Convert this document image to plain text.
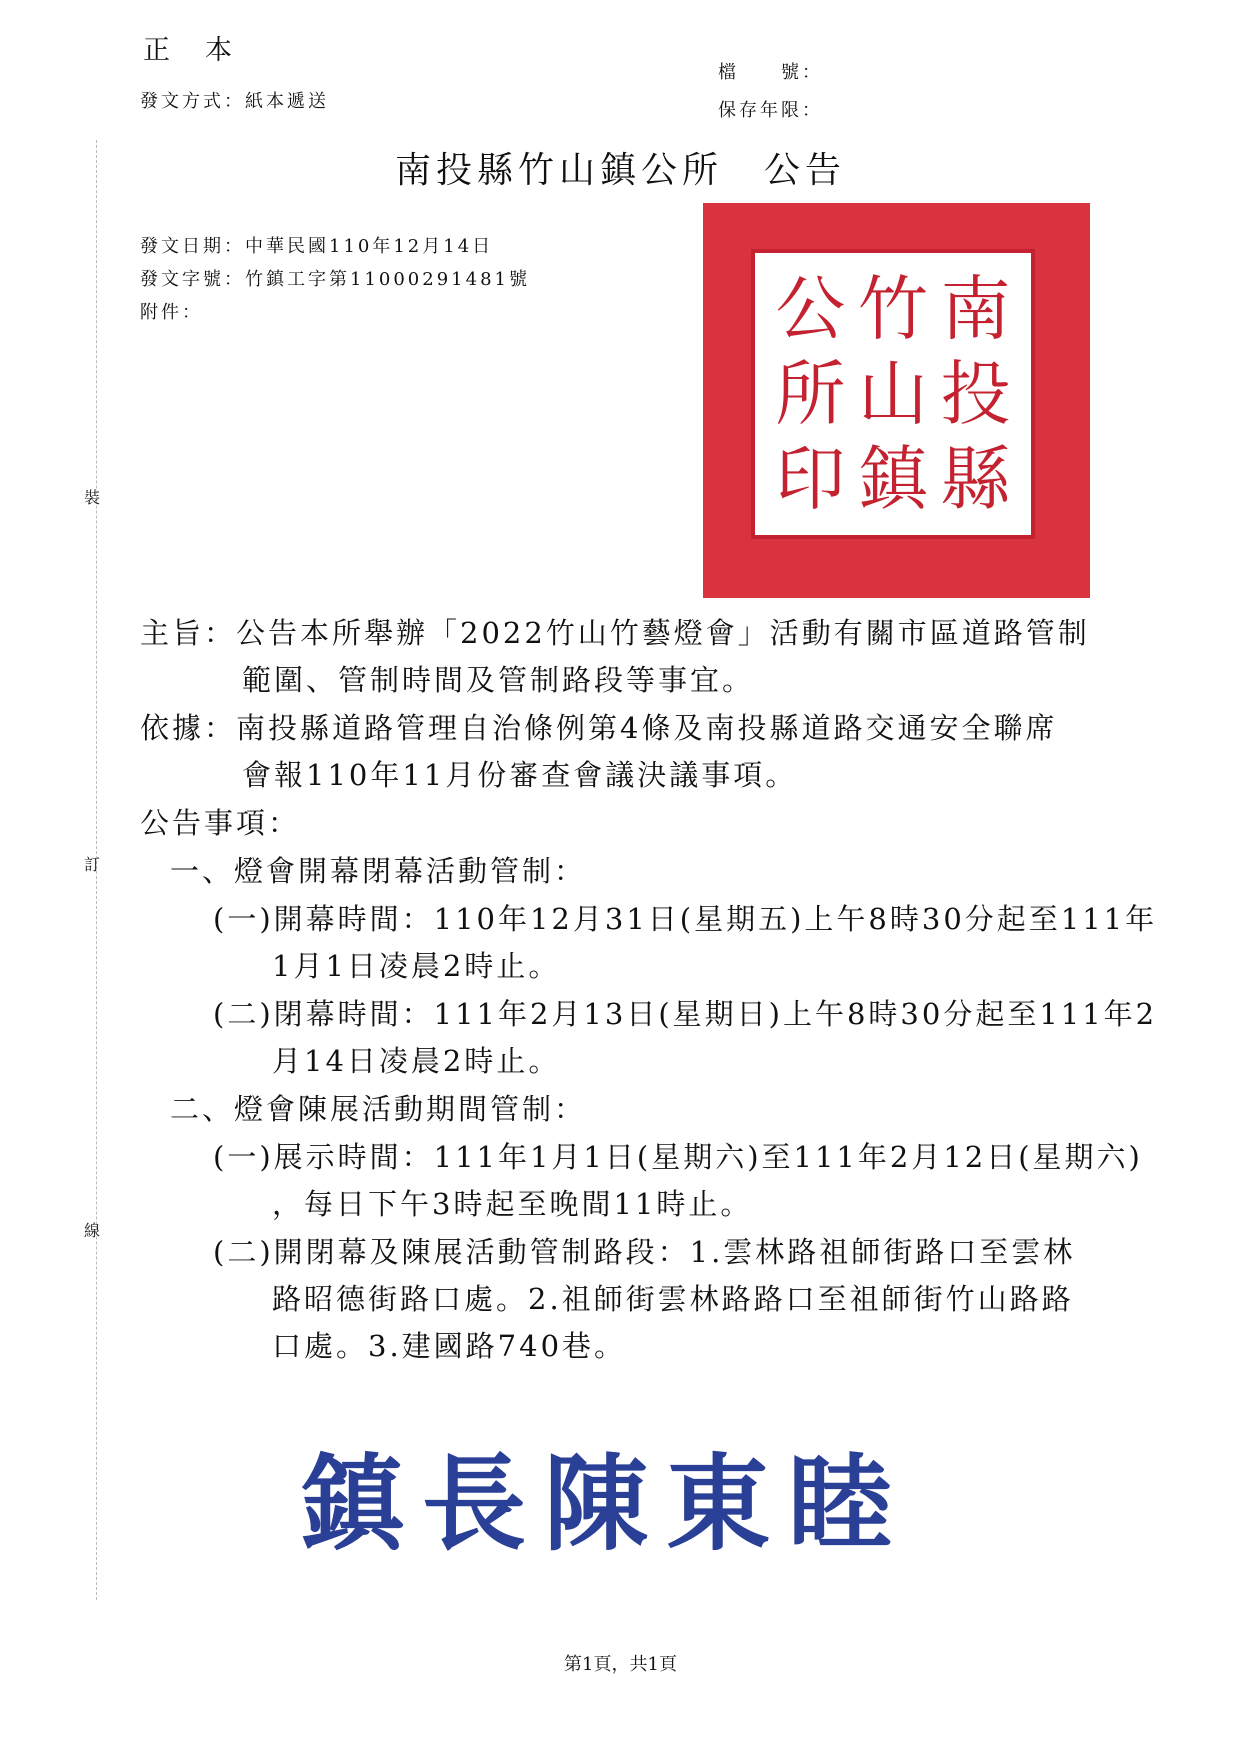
裝
訂
線
正　本
發文方式：紙本遞送
檔　　號：
保存年限：
南投縣竹山鎮公所　公告
發文日期：中華民國110年12月14日
發文字號：竹鎮工字第11000291481號
附件：	南
投
縣
竹
山
鎮
公
所
印
主旨：公告本所舉辦「2022竹山竹藝燈會」活動有關市區道路管制
範圍、管制時間及管制路段等事宜。
依據：南投縣道路管理自治條例第4條及南投縣道路交通安全聯席
會報110年11月份審查會議決議事項。
公告事項：
一、燈會開幕閉幕活動管制：
(一)開幕時間：110年12月31日(星期五)上午8時30分起至111年
1月1日凌晨2時止。
(二)閉幕時間：111年2月13日(星期日)上午8時30分起至111年2
月14日凌晨2時止。
二、燈會陳展活動期間管制：
(一)展示時間：111年1月1日(星期六)至111年2月12日(星期六)
，每日下午3時起至晚間11時止。
(二)開閉幕及陳展活動管制路段：1.雲林路祖師街路口至雲林
路昭德街路口處。2.祖師街雲林路路口至祖師街竹山路路
口處。3.建國路740巷。
鎮長陳東睦
第1頁，共1頁
